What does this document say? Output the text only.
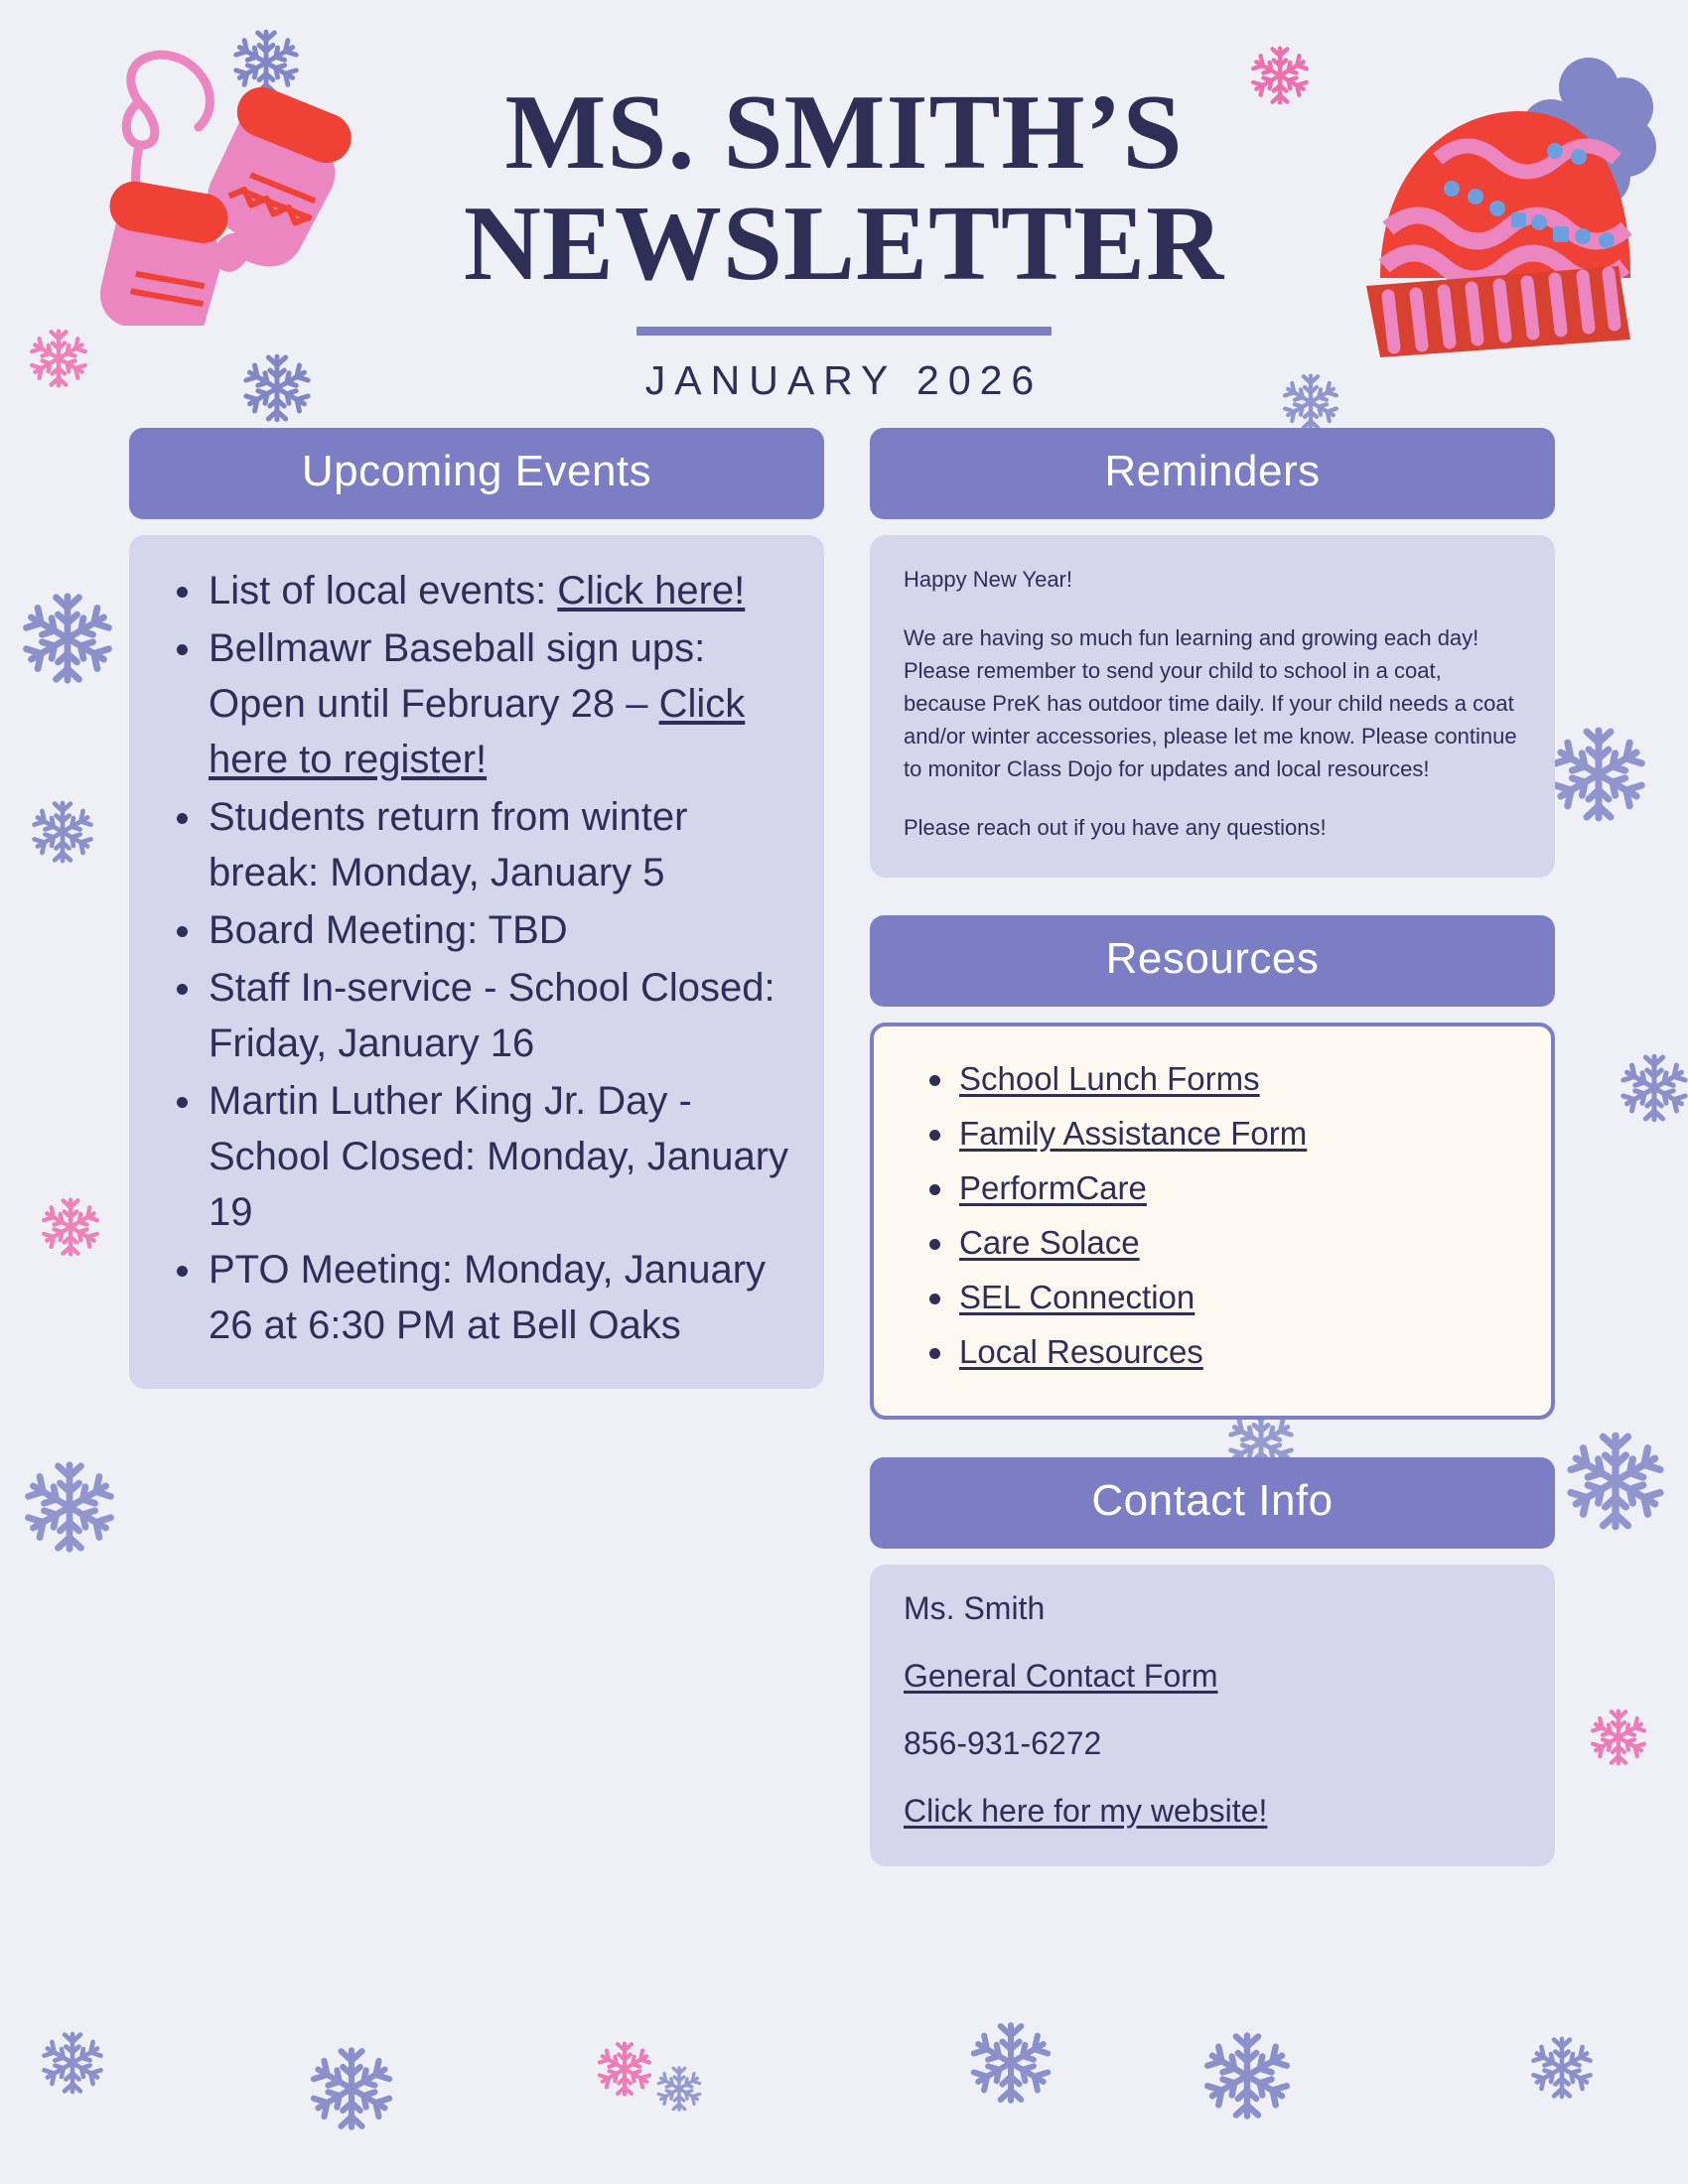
MS. SMITH’S
NEWSLETTER
JANUARY 2026
Upcoming Events
List of local events: Click here!
Bellmawr Baseball sign ups: Open until February 28 – Click here to register!
Students return from winter break: Monday, January 5
Board Meeting: TBD
Staff In-service - School Closed: Friday, January 16
Martin Luther King Jr. Day - School Closed: Monday, January 19
PTO Meeting: Monday, January 26 at 6:30 PM at Bell Oaks
Reminders

Happy New Year!

We are having so much fun learning and growing each day! Please remember to send your child to school in a coat, because PreK has outdoor time daily. If your child needs a coat and/or winter accessories, please let me know. Please continue to monitor Class Dojo for updates and local resources!

Please reach out if you have any questions!

Resources
School Lunch Forms
Family Assistance Form
PerformCare
Care Solace
SEL Connection
Local Resources
Contact Info
Ms. Smith
General Contact Form
856-931-6272
Click here for my website!
